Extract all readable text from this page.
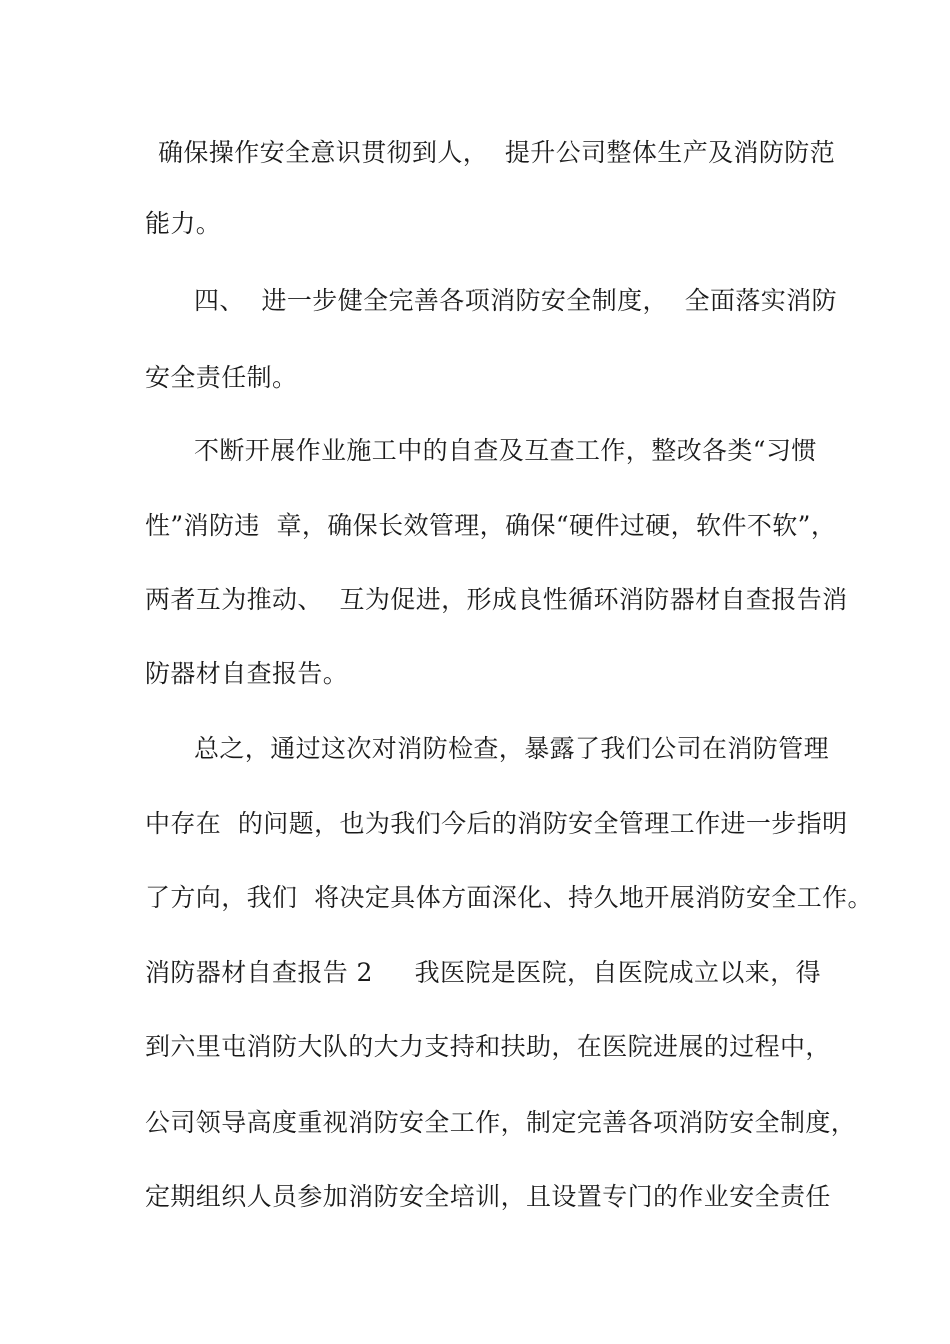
确保操作安全意识贯彻到人，  提升公司整体生产及消防防范
能力。
四、  进一步健全完善各项消防安全制度，  全面落实消防
安全责任制。
不断开展作业施工中的自查及互查工作，整改各类“习惯
性”消防违  章，确保长效管理，确保“硬件过硬，软件不软”，
两者互为推动、  互为促进，形成良性循环消防器材自查报告消
防器材自查报告。
总之，通过这次对消防检查，暴露了我们公司在消防管理
中存在  的问题，也为我们今后的消防安全管理工作进一步指明
了方向，我们  将决定具体方面深化、持久地开展消防安全工作。
消防器材自查报告 2     我医院是医院，自医院成立以来，得
到六里屯消防大队的大力支持和扶助，在医院进展的过程中，
公司领导高度重视消防安全工作，制定完善各项消防安全制度，
定期组织人员参加消防安全培训，且设置专门的作业安全责任
